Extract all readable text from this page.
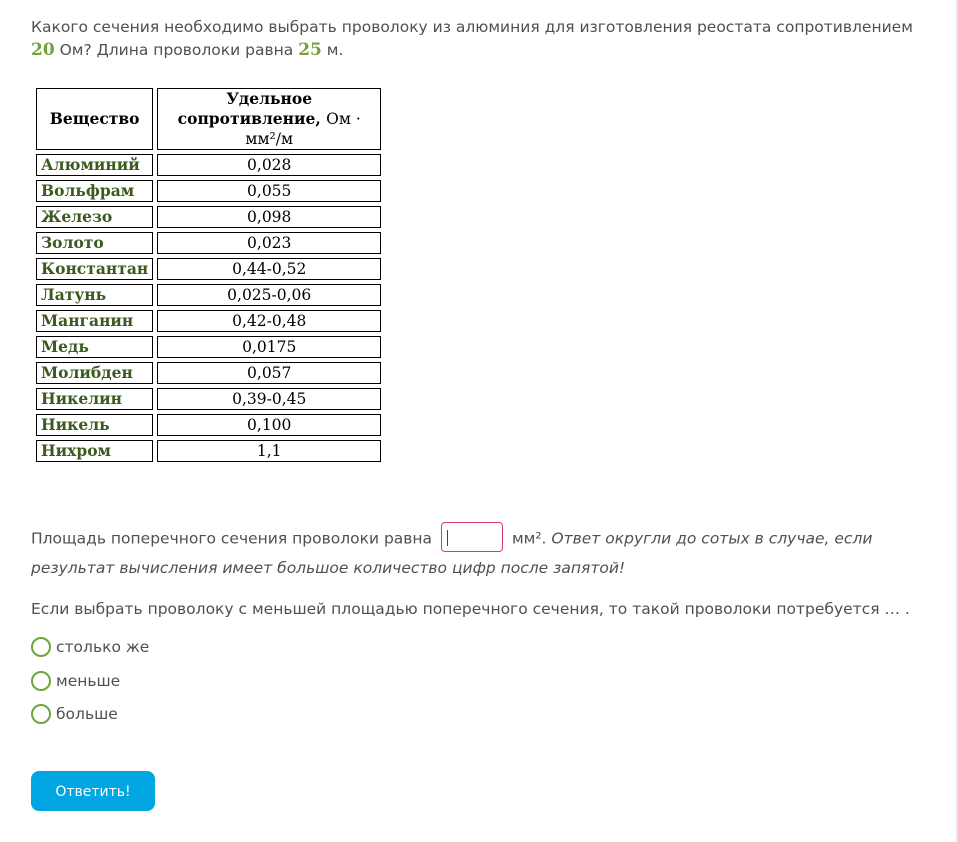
Какого сечения необходимо выбрать проволоку из алюминия для изготовления реостата сопротивлением
20 Ом? Длина проволоки равна 25 м.
Вещество	Удельное
сопротивление, Ом ·
мм²/м
Алюминий	0,028
Вольфрам	0,055
Железо	0,098
Золото	0,023
Константан	0,44-0,52
Латунь	0,025-0,06
Манганин	0,42-0,48
Медь	0,0175
Молибден	0,057
Никелин	0,39-0,45
Никель	0,100
Нихром	1,1
Площадь поперечного сечения проволоки равна	мм². Ответ округли до сотых в случае, если результат вычисления имеет большое количество цифр после запятой!
Если выбрать проволоку с меньшей площадью поперечного сечения, то такой проволоки потребуется … .
столько же
меньше
больше
Ответить!
